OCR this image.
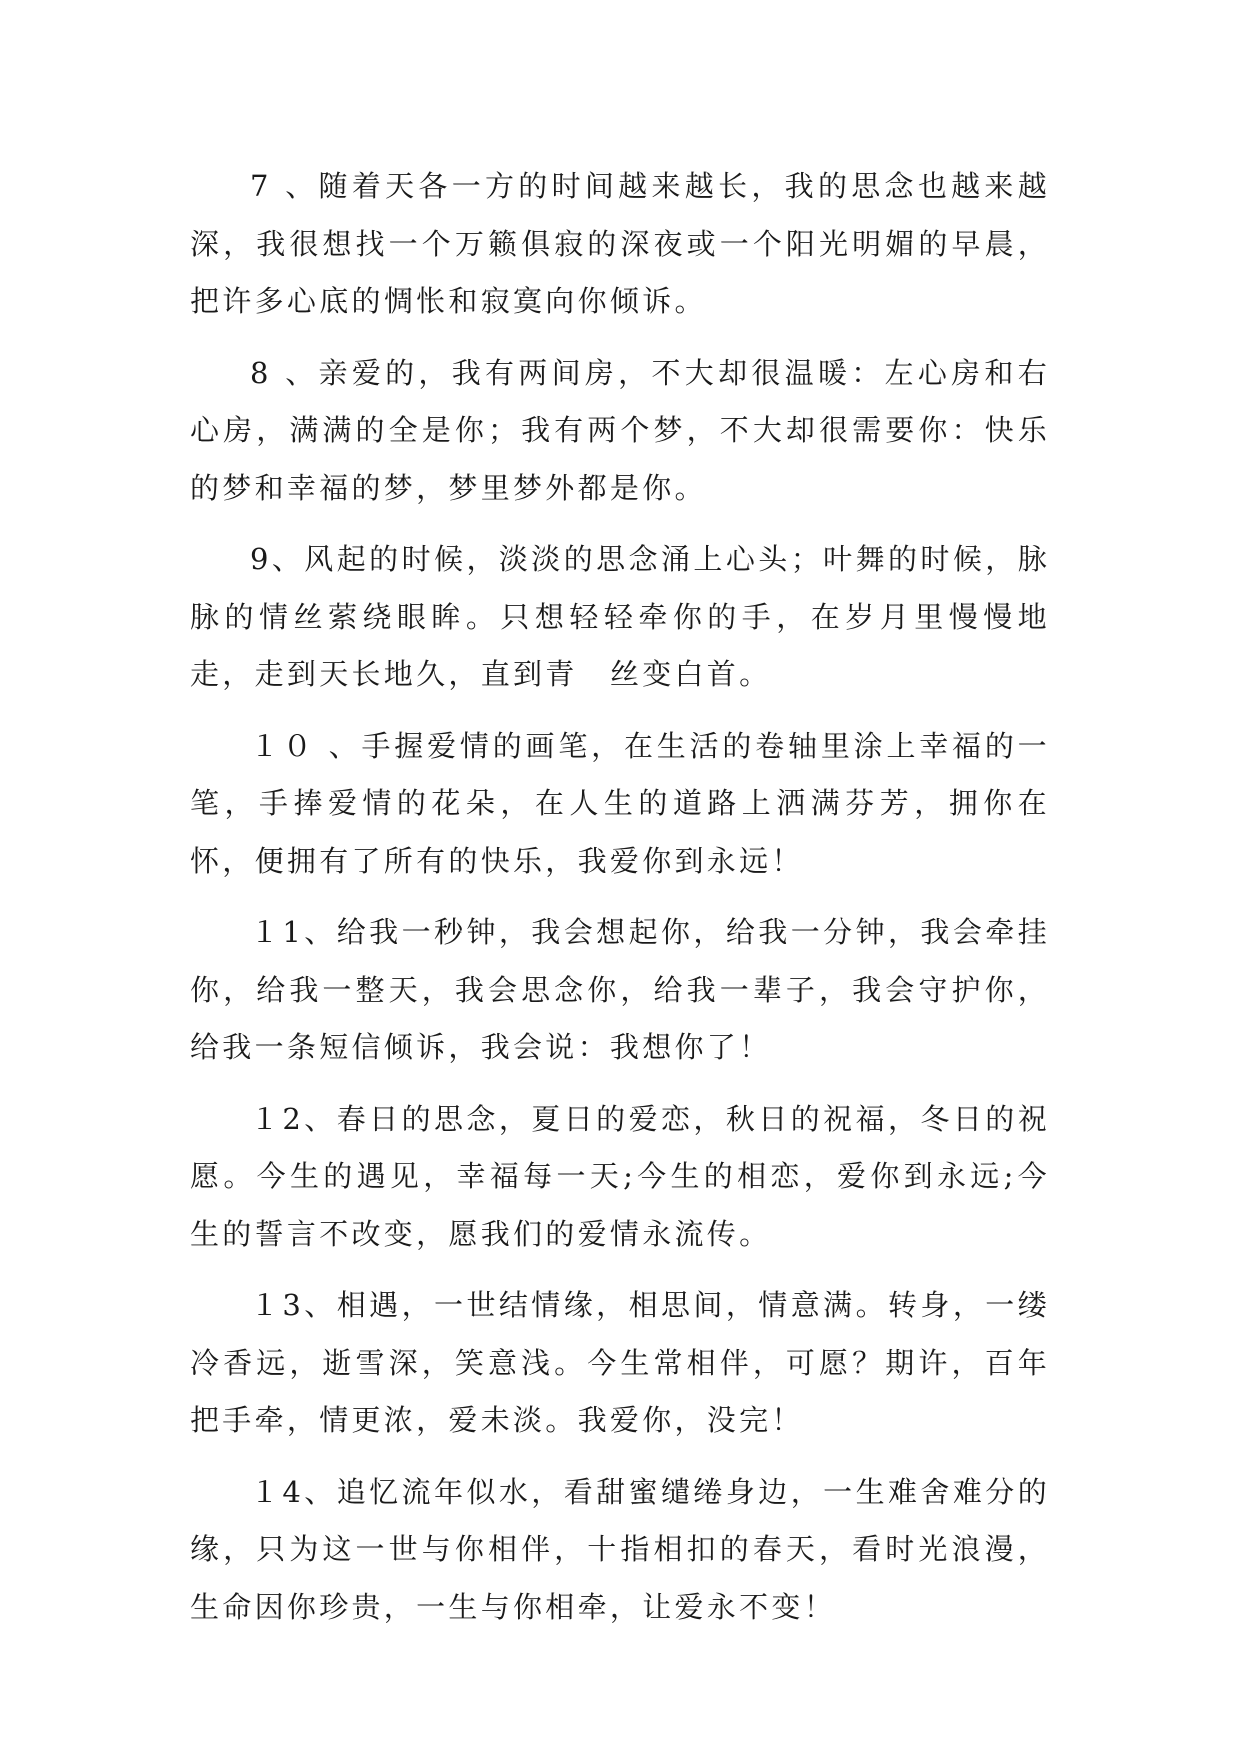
7 、随着天各一方的时间越来越长，我的思念也越来越深，我很想找一个万籁俱寂的深夜或一个阳光明媚的早晨，把许多心底的惆怅和寂寞向你倾诉。

8 、亲爱的，我有两间房，不大却很温暖：左心房和右心房，满满的全是你；我有两个梦，不大却很需要你：快乐的梦和幸福的梦，梦里梦外都是你。

9、风起的时候，淡淡的思念涌上心头；叶舞的时候，脉脉的情丝萦绕眼眸。只想轻轻牵你的手，在岁月里慢慢地走，走到天长地久，直到青　丝变白首。

１０ 、手握爱情的画笔，在生活的卷轴里涂上幸福的一笔，手捧爱情的花朵，在人生的道路上洒满芬芳，拥你在怀，便拥有了所有的快乐，我爱你到永远！

１1、给我一秒钟，我会想起你，给我一分钟，我会牵挂你，给我一整天，我会思念你，给我一辈子，我会守护你，给我一条短信倾诉，我会说：我想你了！

１2、春日的思念，夏日的爱恋，秋日的祝福，冬日的祝愿。今生的遇见，幸福每一天;今生的相恋，爱你到永远;今生的誓言不改变，愿我们的爱情永流传。

１3、相遇，一世结情缘，相思间，情意满。转身，一缕冷香远，逝雪深，笑意浅。今生常相伴，可愿？期许，百年把手牵，情更浓，爱未淡。我爱你，没完！

１4、追忆流年似水，看甜蜜缱绻身边，一生难舍难分的缘，只为这一世与你相伴，十指相扣的春天，看时光浪漫，生命因你珍贵，一生与你相牵，让爱永不变！
